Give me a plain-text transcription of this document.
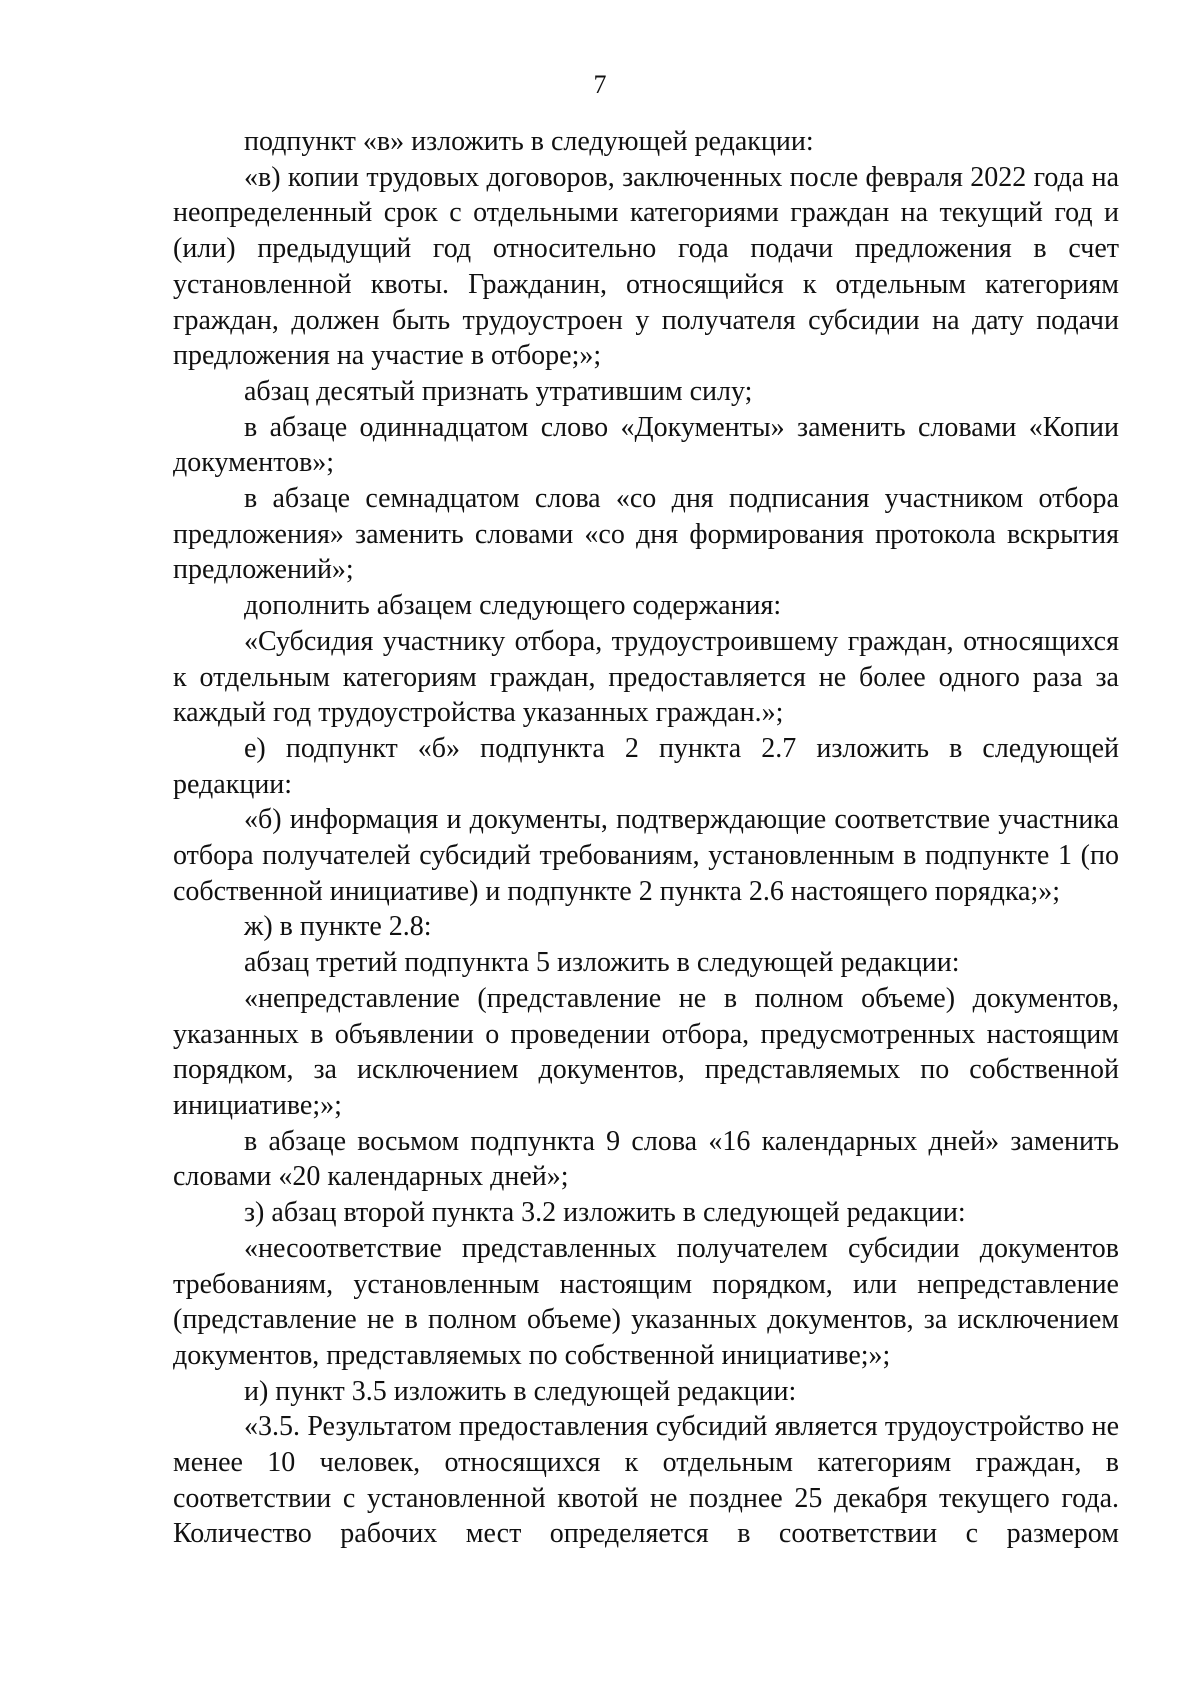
7

подпункт «в» изложить в следующей редакции:

«в) копии трудовых договоров, заключенных после февраля 2022 года на неопределенный срок с отдельными категориями граждан на текущий год и (или) предыдущий год относительно года подачи предложения в счет установленной квоты. Гражданин, относящийся к отдельным категориям граждан, должен быть трудоустроен у получателя субсидии на дату подачи предложения на участие в отборе;»;

абзац десятый признать утратившим силу;

в абзаце одиннадцатом слово «Документы» заменить словами «Копии документов»;

в абзаце семнадцатом слова «со дня подписания участником отбора предложения» заменить словами «со дня формирования протокола вскрытия предложений»;

дополнить абзацем следующего содержания:

«Субсидия участнику отбора, трудоустроившему граждан, относящихся к отдельным категориям граждан, предоставляется не более одного раза за каждый год трудоустройства указанных граждан.»;

е) подпункт «б» подпункта 2 пункта 2.7 изложить в следующей редакции:

«б) информация и документы, подтверждающие соответствие участника отбора получателей субсидий требованиям, установленным в подпункте 1 (по собственной инициативе) и подпункте 2 пункта 2.6 настоящего порядка;»;

ж) в пункте 2.8:

абзац третий подпункта 5 изложить в следующей редакции:

«непредставление (представление не в полном объеме) документов, указанных в объявлении о проведении отбора, предусмотренных настоящим порядком, за исключением документов, представляемых по собственной инициативе;»;

в абзаце восьмом подпункта 9 слова «16 календарных дней» заменить словами «20 календарных дней»;

з) абзац второй пункта 3.2 изложить в следующей редакции:

«несоответствие представленных получателем субсидии документов требованиям, установленным настоящим порядком, или непредставление (представление не в полном объеме) указанных документов, за исключением документов, представляемых по собственной инициативе;»;

и) пункт 3.5 изложить в следующей редакции:

«3.5. Результатом предоставления субсидий является трудоустройство не менее 10 человек, относящихся к отдельным категориям граждан, в соответствии с установленной квотой не позднее 25 декабря текущего года. Количество рабочих мест определяется в соответствии с размером
